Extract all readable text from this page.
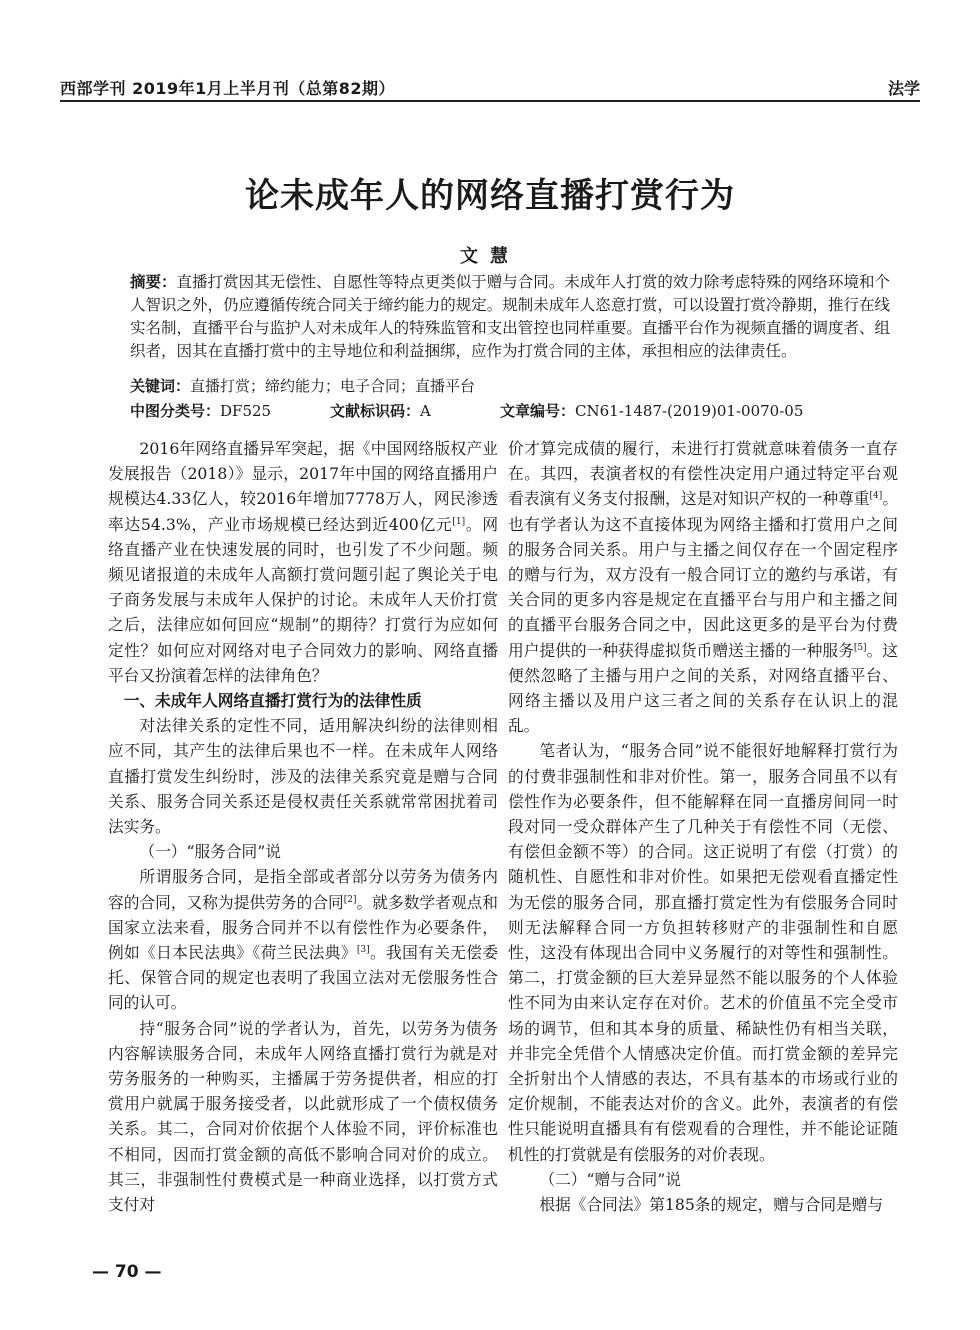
西部学刊 2019年1月上半月刊（总第82期）	法学
论未成年人的网络直播打赏行为
文慧

摘要：直播打赏因其无偿性、自愿性等特点更类似于赠与合同。未成年人打赏的效力除考虑特殊的网络环境和个人智识之外，仍应遵循传统合同关于缔约能力的规定。规制未成年人恣意打赏，可以设置打赏冷静期，推行在线实名制，直播平台与监护人对未成年人的特殊监管和支出管控也同样重要。直播平台作为视频直播的调度者、组织者，因其在直播打赏中的主导地位和利益捆绑，应作为打赏合同的主体，承担相应的法律责任。

关键词：直播打赏；缔约能力；电子合同；直播平台
中图分类号：DF525	文献标识码：A	文章编号：CN61-1487-(2019)01-0070-05

2016年网络直播异军突起，据《中国网络版权产业发展报告（2018）》显示，2017年中国的网络直播用户规模达4.33亿人，较2016年增加7778万人，网民渗透率达54.3%，产业市场规模已经达到近400亿元[1]。网络直播产业在快速发展的同时，也引发了不少问题。频频见诸报道的未成年人高额打赏问题引起了舆论关于电子商务发展与未成年人保护的讨论。未成年人天价打赏之后，法律应如何回应“规制”的期待？打赏行为应如何定性？如何应对网络对电子合同效力的影响、网络直播平台又扮演着怎样的法律角色？

一、未成年人网络直播打赏行为的法律性质

对法律关系的定性不同，适用解决纠纷的法律则相应不同，其产生的法律后果也不一样。在未成年人网络直播打赏发生纠纷时，涉及的法律关系究竟是赠与合同关系、服务合同关系还是侵权责任关系就常常困扰着司法实务。

（一）“服务合同”说

所谓服务合同，是指全部或者部分以劳务为债务内容的合同，又称为提供劳务的合同[2]。就多数学者观点和国家立法来看，服务合同并不以有偿性作为必要条件，例如《日本民法典》《荷兰民法典》[3]。我国有关无偿委托、保管合同的规定也表明了我国立法对无偿服务性合同的认可。

持“服务合同”说的学者认为，首先，以劳务为债务内容解读服务合同，未成年人网络直播打赏行为就是对劳务服务的一种购买，主播属于劳务提供者，相应的打赏用户就属于服务接受者，以此就形成了一个债权债务关系。其二，合同对价依据个人体验不同，评价标准也不相同，因而打赏金额的高低不影响合同对价的成立。其三，非强制性付费模式是一种商业选择，以打赏方式支付对

价才算完成债的履行，未进行打赏就意味着债务一直存在。其四，表演者权的有偿性决定用户通过特定平台观看表演有义务支付报酬，这是对知识产权的一种尊重[4]。也有学者认为这不直接体现为网络主播和打赏用户之间的服务合同关系。用户与主播之间仅存在一个固定程序的赠与行为，双方没有一般合同订立的邀约与承诺，有关合同的更多内容是规定在直播平台与用户和主播之间的直播平台服务合同之中，因此这更多的是平台为付费用户提供的一种获得虚拟货币赠送主播的一种服务[5]。这便然忽略了主播与用户之间的关系，对网络直播平台、网络主播以及用户这三者之间的关系存在认识上的混乱。

笔者认为，“服务合同”说不能很好地解释打赏行为的付费非强制性和非对价性。第一，服务合同虽不以有偿性作为必要条件，但不能解释在同一直播房间同一时段对同一受众群体产生了几种关于有偿性不同（无偿、有偿但金额不等）的合同。这正说明了有偿（打赏）的随机性、自愿性和非对价性。如果把无偿观看直播定性为无偿的服务合同，那直播打赏定性为有偿服务合同时则无法解释合同一方负担转移财产的非强制性和自愿性，这没有体现出合同中义务履行的对等性和强制性。第二，打赏金额的巨大差异显然不能以服务的个人体验性不同为由来认定存在对价。艺术的价值虽不完全受市场的调节，但和其本身的质量、稀缺性仍有相当关联，并非完全凭借个人情感决定价值。而打赏金额的差异完全折射出个人情感的表达，不具有基本的市场或行业的定价规制，不能表达对价的含义。此外，表演者的有偿性只能说明直播具有有偿观看的合理性，并不能论证随机性的打赏就是有偿服务的对价表现。

（二）“赠与合同”说

根据《合同法》第185条的规定，赠与合同是赠与

— 70 —
